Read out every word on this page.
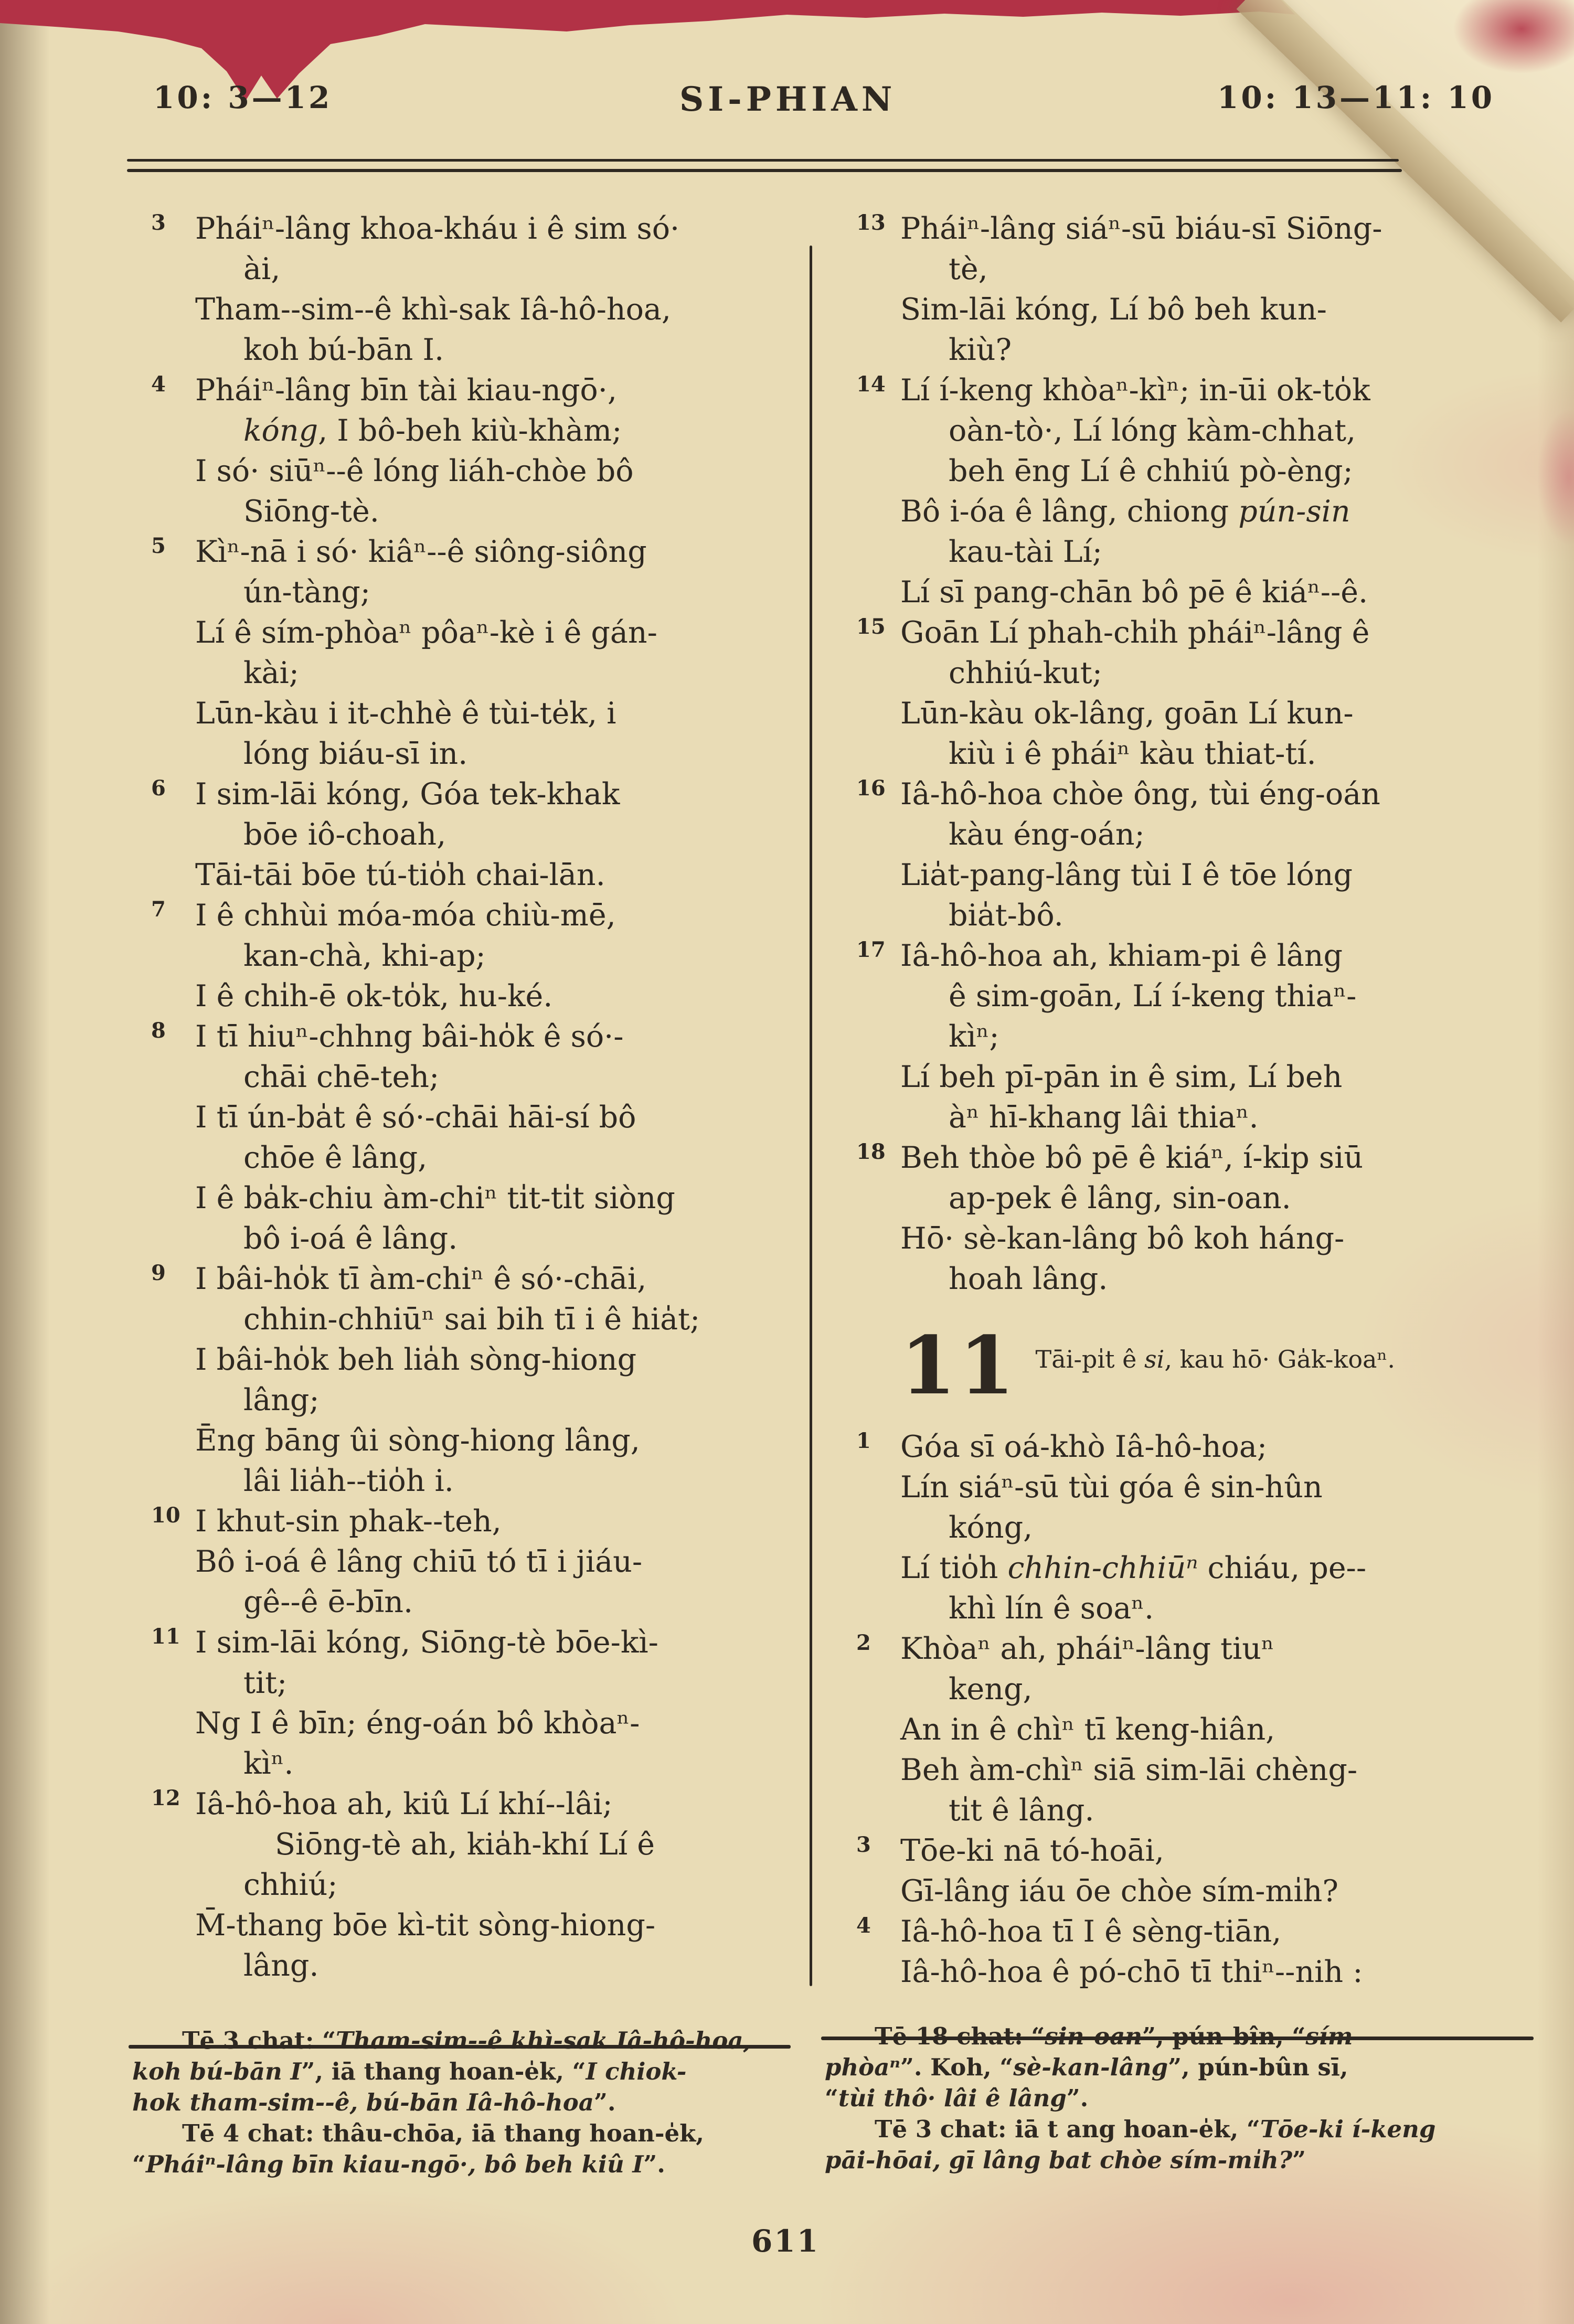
10: 3—12	SI-PHIAN	10: 13—11: 10
3 Pháiⁿ-lâng khoa-kháu i ê sim só·
ài,
Tham--sim--ê khì-sak Iâ-hô-hoa,
koh bú-bān I.
4 Pháiⁿ-lâng bīn tài kiau-ngō·,
kóng, I bô-beh kiù-khàm;
I só· siūⁿ--ê lóng liáh-chòe bô
Siōng-tè.
5 Kìⁿ-nā i só· kiâⁿ--ê siông-siông
ún-tàng;
Lí ê sím-phòaⁿ pôaⁿ-kè i ê gán-
kài;
Lūn-kàu i it-chhè ê tùi-te̍k, i
lóng biáu-sī in.
6 I sim-lāi kóng, Góa tek-khak
bōe iô-choah,
Tāi-tāi bōe tú-tio̍h chai-lān.
7 I ê chhùi móa-móa chiù-mē,
kan-chà, khi-ap;
I ê chi̍h-ē ok-to̍k, hu-ké.
8 I tī hiuⁿ-chhng bâi-ho̍k ê só·-
chāi chē-teh;
I tī ún-ba̍t ê só·-chāi hāi-sí bô
chōe ê lâng,
I ê ba̍k-chiu àm-chiⁿ ti̍t-ti̍t siòng
bô i-oá ê lâng.
9 I bâi-ho̍k tī àm-chiⁿ ê só·-chāi,
chhin-chhiūⁿ sai bih tī i ê hia̍t;
I bâi-ho̍k beh lia̍h sòng-hiong
lâng;
Ēng bāng ûi sòng-hiong lâng,
lâi lia̍h--tio̍h i.
10 I khut-sin phak--teh,
Bô i-oá ê lâng chiū tó tī i jiáu-
gê--ê ē-bīn.
11 I sim-lāi kóng, Siōng-tè bōe-kì-
tit;
Ng I ê bīn; éng-oán bô khòaⁿ-
kìⁿ.
12 Iâ-hô-hoa ah, kiû Lí khí--lâi;
Siōng-tè ah, kia̍h-khí Lí ê
chhiú;
M̄-thang bōe kì-tit sòng-hiong-
lâng.
13 Pháiⁿ-lâng siáⁿ-sū biáu-sī Siōng-
tè,
Sim-lāi kóng, Lí bô beh kun-
kiù?
14 Lí í-keng khòaⁿ-kìⁿ; in-ūi ok-to̍k
oàn-tò·, Lí lóng kàm-chhat,
beh ēng Lí ê chhiú pò-èng;
Bô i-óa ê lâng, chiong pún-sin
kau-tài Lí;
Lí sī pang-chān bô pē ê kiáⁿ--ê.
15 Goān Lí phah-chi̍h pháiⁿ-lâng ê
chhiú-kut;
Lūn-kàu ok-lâng, goān Lí kun-
kiù i ê pháiⁿ kàu thiat-tí.
16 Iâ-hô-hoa chòe ông, tùi éng-oán
kàu éng-oán;
Lia̍t-pang-lâng tùi I ê tōe lóng
bia̍t-bô.
17 Iâ-hô-hoa ah, khiam-pi ê lâng
ê sim-goān, Lí í-keng thiaⁿ-
kìⁿ;
Lí beh pī-pān in ê sim, Lí beh
àⁿ hī-khang lâi thiaⁿ.
18 Beh thòe bô pē ê kiáⁿ, í-ki̍p siū
ap-pek ê lâng, sin-oan.
Hō· sè-kan-lâng bô koh háng-
hoah lâng.
11 Tāi-pi̍t ê si, kau hō· Ga̍k-koaⁿ.
1 Góa sī oá-khò Iâ-hô-hoa;
Lín siáⁿ-sū tùi góa ê sin-hûn
kóng,
Lí tio̍h chhin-chhiūⁿ chiáu, pe--
khì lín ê soaⁿ.
2 Khòaⁿ ah, pháiⁿ-lâng tiuⁿ
keng,
An in ê chìⁿ tī keng-hiân,
Beh àm-chìⁿ siā sim-lāi chèng-
ti̍t ê lâng.
3 Tōe-ki nā tó-hoāi,
Gī-lâng iáu ōe chòe sím-mi̍h?
4 Iâ-hô-hoa tī I ê sèng-tiān,
Iâ-hô-hoa ê pó-chō tī thiⁿ--nih :
Tē 3 chat: “Tham-sim--ê khì-sak Iâ-hô-hoa,
koh bú-bān I”, iā thang hoan-e̍k, “I chiok-
hok tham-sim--ê, bú-bān Iâ-hô-hoa”.
Tē 4 chat: thâu-chōa, iā thang hoan-e̍k,
“Pháiⁿ-lâng bīn kiau-ngō·, bô beh kiû I”.
Tē 18 chat: “sin-oan”, pún-bîn, “sím-
phòaⁿ”. Koh, “sè-kan-lâng”, pún-bûn sī,
“tùi thô· lâi ê lâng”.
Tē 3 chat: iā t ang hoan-e̍k, “Tōe-ki í-keng
pāi-hōai, gī lâng bat chòe sím-mi̍h?”
611
